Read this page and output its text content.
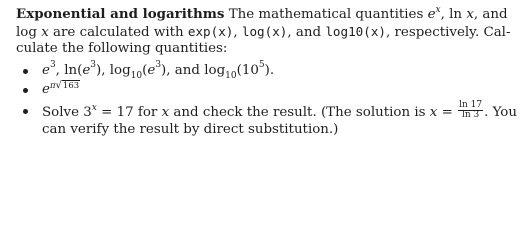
Exponential and logarithms The mathematical quantities $e^x$, ln x, and
log x are calculated with exp(x), log(x), and log10(x), respectively. Cal-
culate the following quantities:

$e^3$, $\ln(e^3)$, $\log_{10}(e^3)$, and $\log_{10}(10^5)$.
eπ√163
Solve $3^x = 17$ for x and check the result. (The solution is $x = \frac{\ln 17}{\ln 3}$ . You
can verify the result by direct substitution.)
